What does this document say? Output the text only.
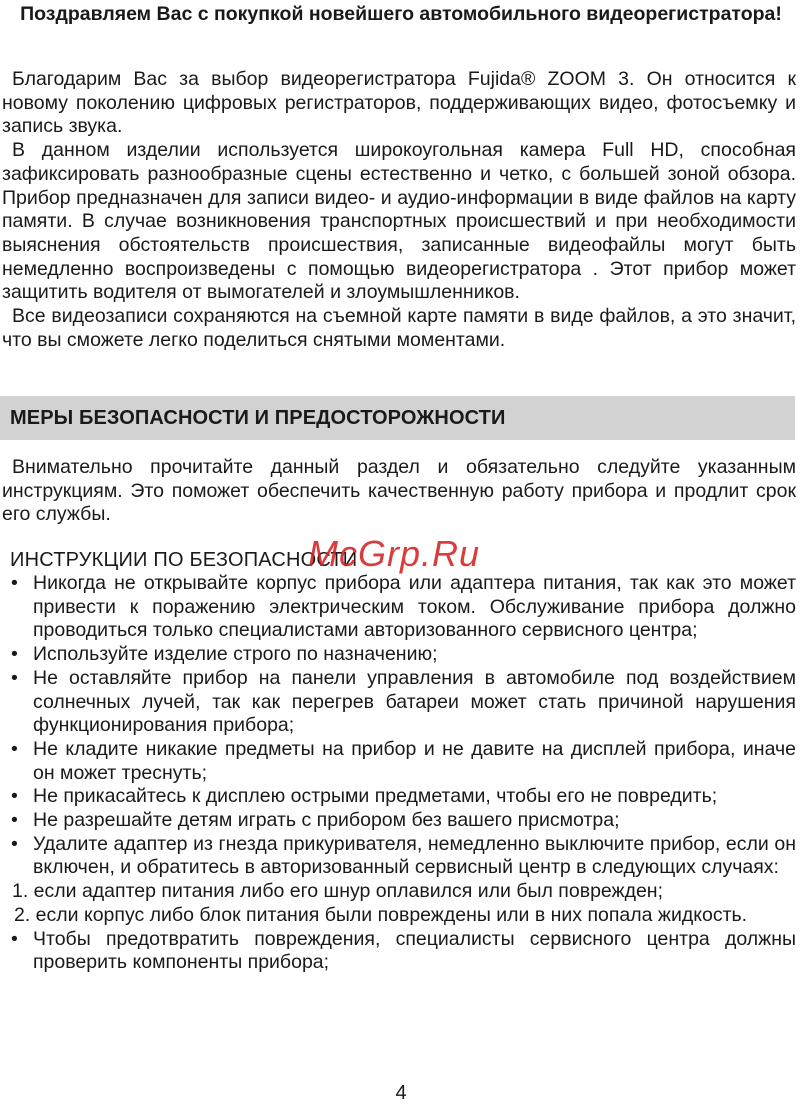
Поздравляем Вас с покупкой новейшего автомобильного видеорегистратора!

Благодарим Вас за выбор видеорегистратора Fujida® ZOOM 3. Он относится к новому поколению цифровых регистраторов, поддерживающих видео, фотосъемку и запись звука.

В данном изделии используется широкоугольная камера Full HD, способная зафиксировать разнообразные сцены естественно и четко, с большей зоной обзора. Прибор предназначен для записи видео- и аудио-информации в виде файлов на карту памяти. В случае возникновения транспортных происшествий и при необходимости выяснения обстоятельств происшествия, записанные видеофайлы могут быть немедленно воспроизведены с помощью видеорегистратора . Этот прибор может защитить водителя от вымогателей и злоумышленников.

Все видеозаписи сохраняются на съемной карте памяти в виде файлов, а это значит, что вы сможете легко поделиться снятыми моментами.

МЕРЫ БЕЗОПАСНОСТИ И ПРЕДОСТОРОЖНОСТИ

Внимательно прочитайте данный раздел и обязательно следуйте указанным инструкциям. Это поможет обеспечить качественную работу прибора и продлит срок его службы.

ИНСТРУКЦИИ ПО БЕЗОПАСНОСТИ

McGrp.Ru
• Никогда не открывайте корпус прибора или адаптера питания, так как это может привести к поражению электрическим током. Обслуживание прибора должно проводиться только специалистами авторизованного сервисного центра;
• Используйте изделие строго по назначению;
• Не оставляйте прибор на панели управления в автомобиле под воздействием солнечных лучей, так как перегрев батареи может стать причиной нарушения функционирования прибора;
• Не кладите никакие предметы на прибор и не давите на дисплей прибора, иначе он может треснуть;
• Не прикасайтесь к дисплею острыми предметами, чтобы его не повредить;
• Не разрешайте детям играть с прибором без вашего присмотра;
• Удалите адаптер из гнезда прикуривателя, немедленно выключите прибор, если он включен, и обратитесь в авторизованный сервисный центр в следующих случаях:

1. если адаптер питания либо его шнур оплавился или был поврежден;

2. если корпус либо блок питания были повреждены или в них попала жидкость.

• Чтобы предотвратить повреждения, специалисты сервисного центра должны проверить компоненты прибора;

4
